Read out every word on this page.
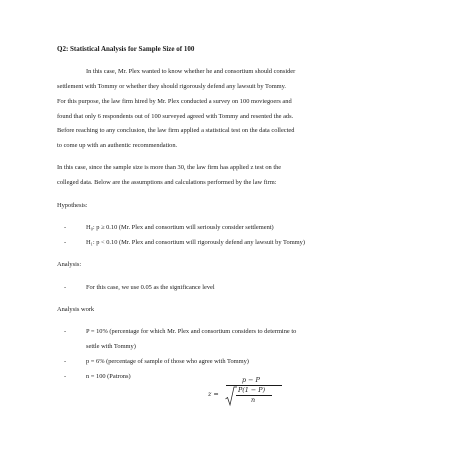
Q2: Statistical Analysis for Sample Size of 100
In this case, Mr. Plex wanted to know whether he and consortium should consider
settlement with Tommy or whether they should rigorously defend any lawsuit by Tommy.
For this purpose, the law firm hired by Mr. Plex conducted a survey on 100 moviegoers and
found that only 6 respondents out of 100 surveyed agreed with Tommy and resented the ads.
Before reaching to any conclusion, the law firm applied a statistical test on the data collected
to come up with an authentic recommendation.
In this case, since the sample size is more than 30, the law firm has applied z test on the
colleged data. Below are the assumptions and calculations performed by the law firm:
Hypothesis:
-	H₀: p ≥ 0.10 (Mr. Plex and consortium will seriously consider settlement)
-	H₁: p < 0.10 (Mr. Plex and consortium will rigorously defend any lawsuit by Tommy)
Analysis:
-	For this case, we use 0.05 as the significance level
Analysis work
-	P = 10% (percentage for which Mr. Plex and consortium considers to determine to
settle with Tommy)
-	p = 6% (percentage of sample of those who agree with Tommy)
-	n = 100 (Patrons)
z =
p − P
P(1 − P)
n
